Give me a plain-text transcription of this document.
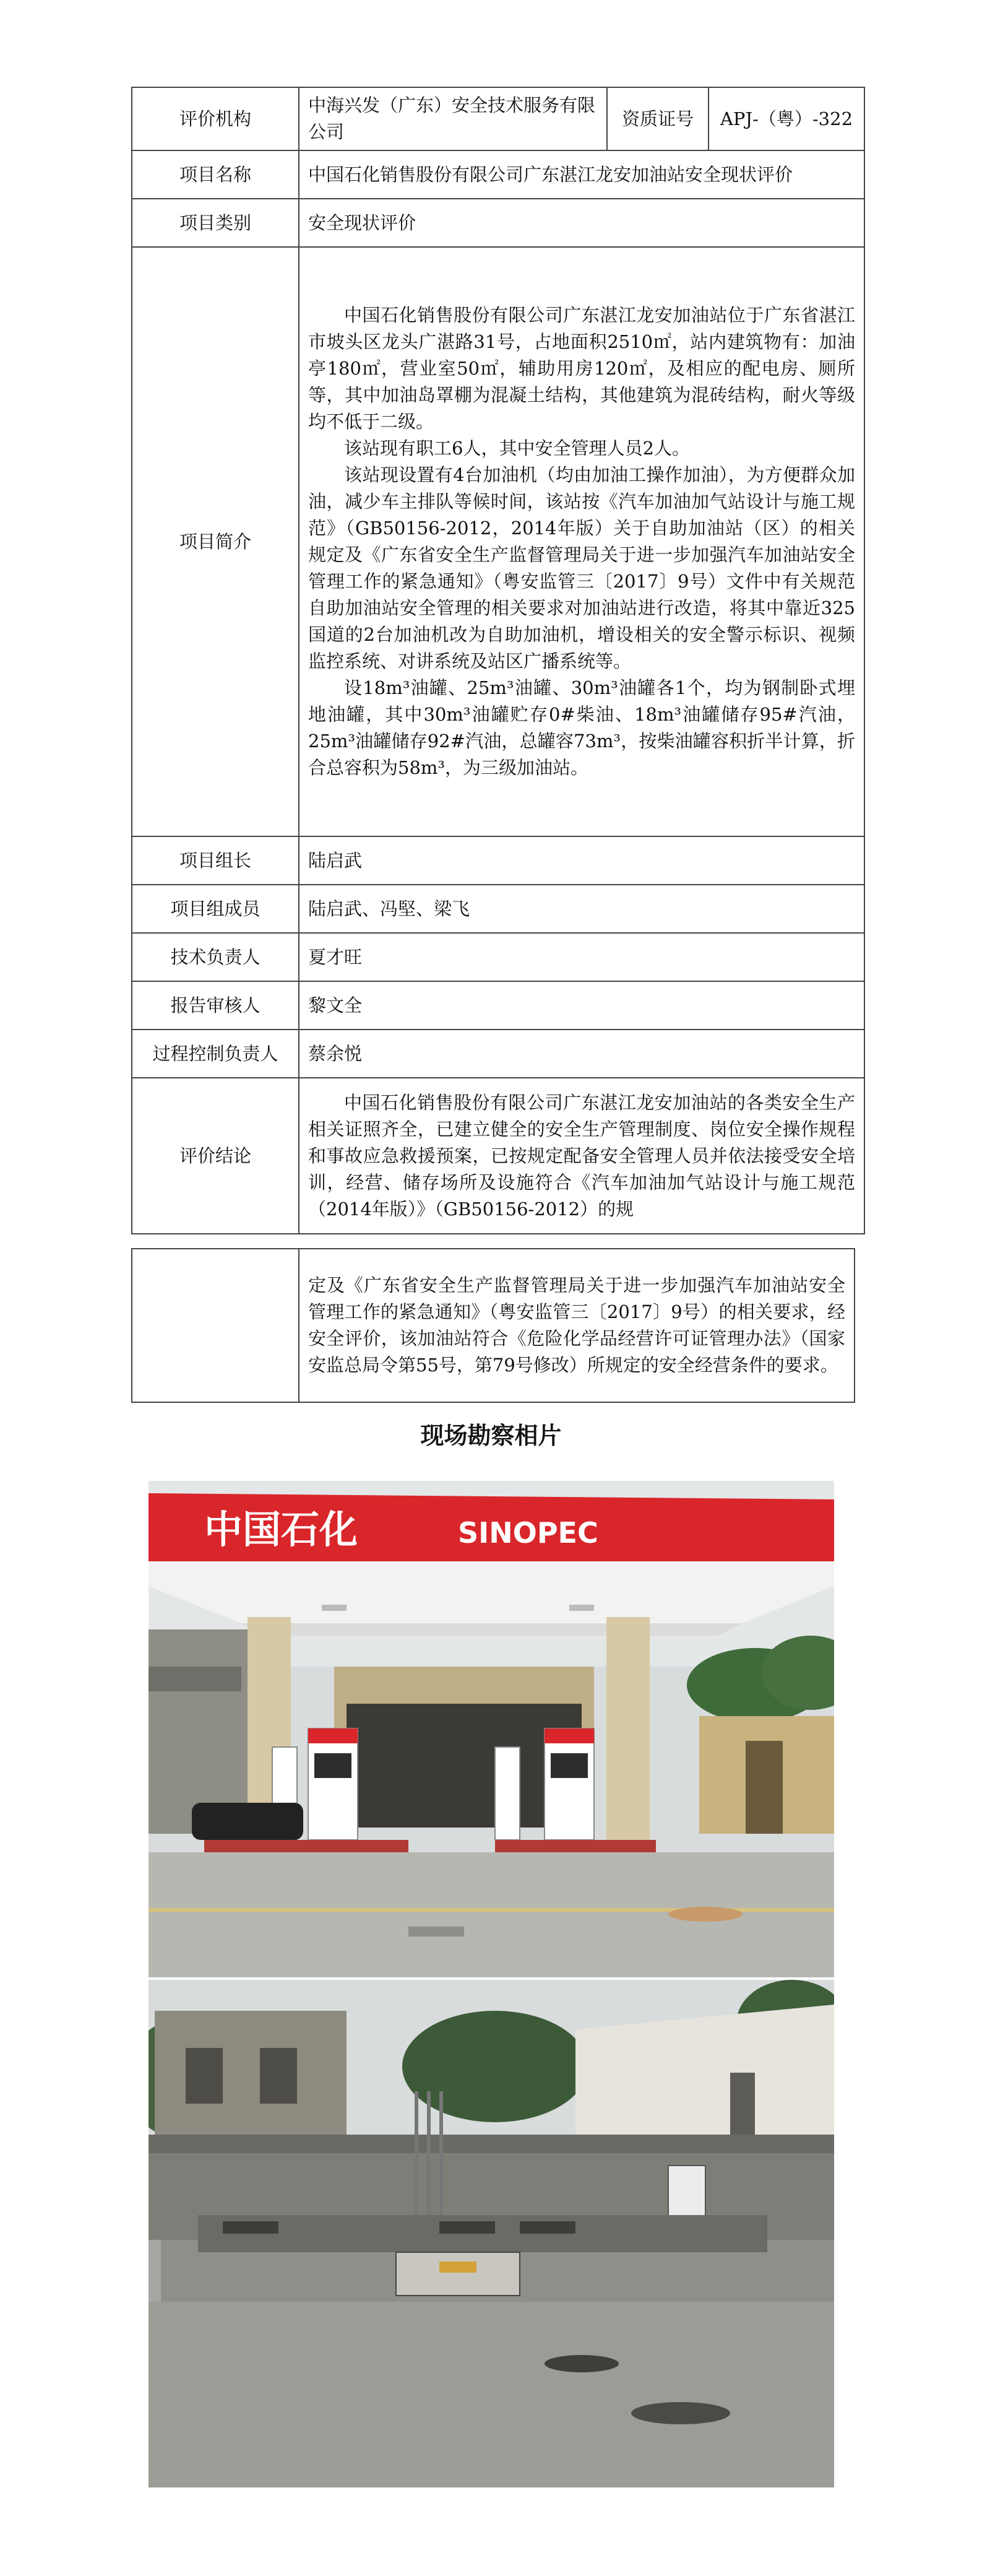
评价机构	中海兴发（广东）安全技术服务有限公司	资质证号	APJ-（粤）-322
项目名称	中国石化销售股份有限公司广东湛江龙安加油站安全现状评价		
项目类别	安全现状评价		
项目简介	中国石化销售股份有限公司广东湛江龙安加油站位于广东省湛江市坡头区龙头广湛路31号，占地面积2510㎡，站内建筑物有：加油亭180㎡，营业室50㎡，辅助用房120㎡，及相应的配电房、厕所等，其中加油岛罩棚为混凝土结构，其他建筑为混砖结构，耐火等级均不低于二级。

该站现有职工6人，其中安全管理人员2人。

该站现设置有4台加油机（均由加油工操作加油），为方便群众加油，减少车主排队等候时间，该站按《汽车加油加气站设计与施工规范》（GB50156-2012，2014年版）关于自助加油站（区）的相关规定及《广东省安全生产监督管理局关于进一步加强汽车加油站安全管理工作的紧急通知》（粤安监管三〔2017〕9号）文件中有关规范自助加油站安全管理的相关要求对加油站进行改造，将其中靠近325国道的2台加油机改为自助加油机，增设相关的安全警示标识、视频监控系统、对讲系统及站区广播系统等。

设18m³油罐、25m³油罐、30m³油罐各1个，均为钢制卧式埋地油罐，其中30m³油罐贮存0#柴油、18m³油罐储存95#汽油，25m³油罐储存92#汽油，总罐容73m³，按柴油罐容积折半计算，折合总容积为58m³，为三级加油站。		

项目组长	陆启武		
项目组成员	陆启武、冯堅、梁飞		
技术负责人	夏才旺		
报告审核人	黎文全		
过程控制负责人	蔡余悦		
评价结论	中国石化销售股份有限公司广东湛江龙安加油站的各类安全生产相关证照齐全，已建立健全的安全生产管理制度、岗位安全操作规程和事故应急救援预案，已按规定配备安全管理人员并依法接受安全培训，经营、储存场所及设施符合《汽车加油加气站设计与施工规范（2014年版）》（GB50156-2012）的规		

定及《广东省安全生产监督管理局关于进一步加强汽车加油站安全管理工作的紧急通知》（粤安监管三〔2017〕9号）的相关要求，经安全评价，该加油站符合《危险化学品经营许可证管理办法》（国家安监总局令第55号，第79号修改）所规定的安全经营条件的要求。

现场勘察相片
中国石化	SINOPEC
